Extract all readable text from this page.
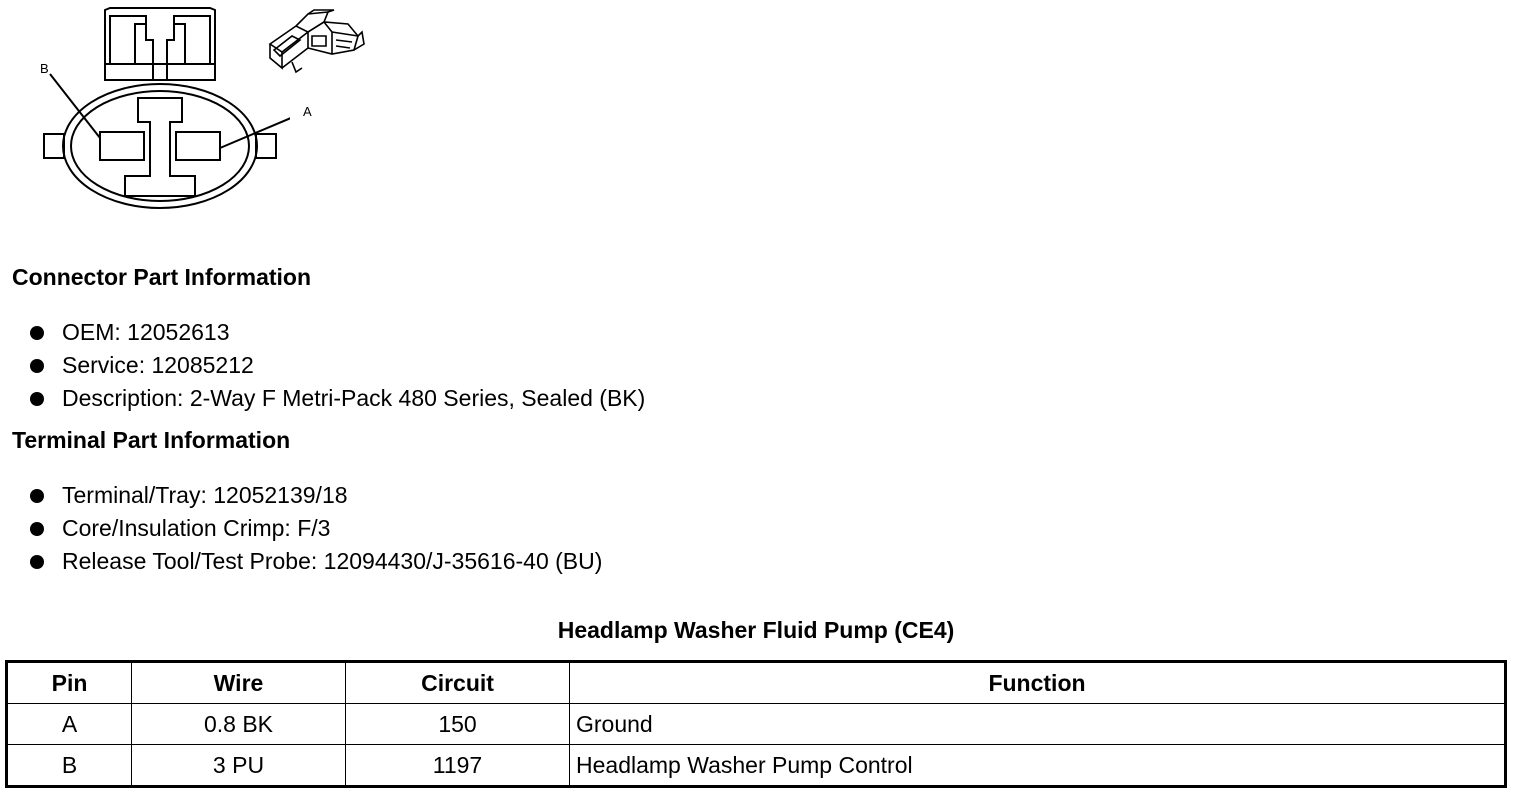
B
A
Connector Part Information
OEM: 12052613
Service: 12085212
Description: 2-Way F Metri-Pack 480 Series, Sealed (BK)
Terminal Part Information
Terminal/Tray: 12052139/18
Core/Insulation Crimp: F/3
Release Tool/Test Probe: 12094430/J-35616-40 (BU)
Headlamp Washer Fluid Pump (CE4)
Pin	Wire	Circuit	Function
A	0.8 BK	150	Ground
B	3 PU	1197	Headlamp Washer Pump Control
